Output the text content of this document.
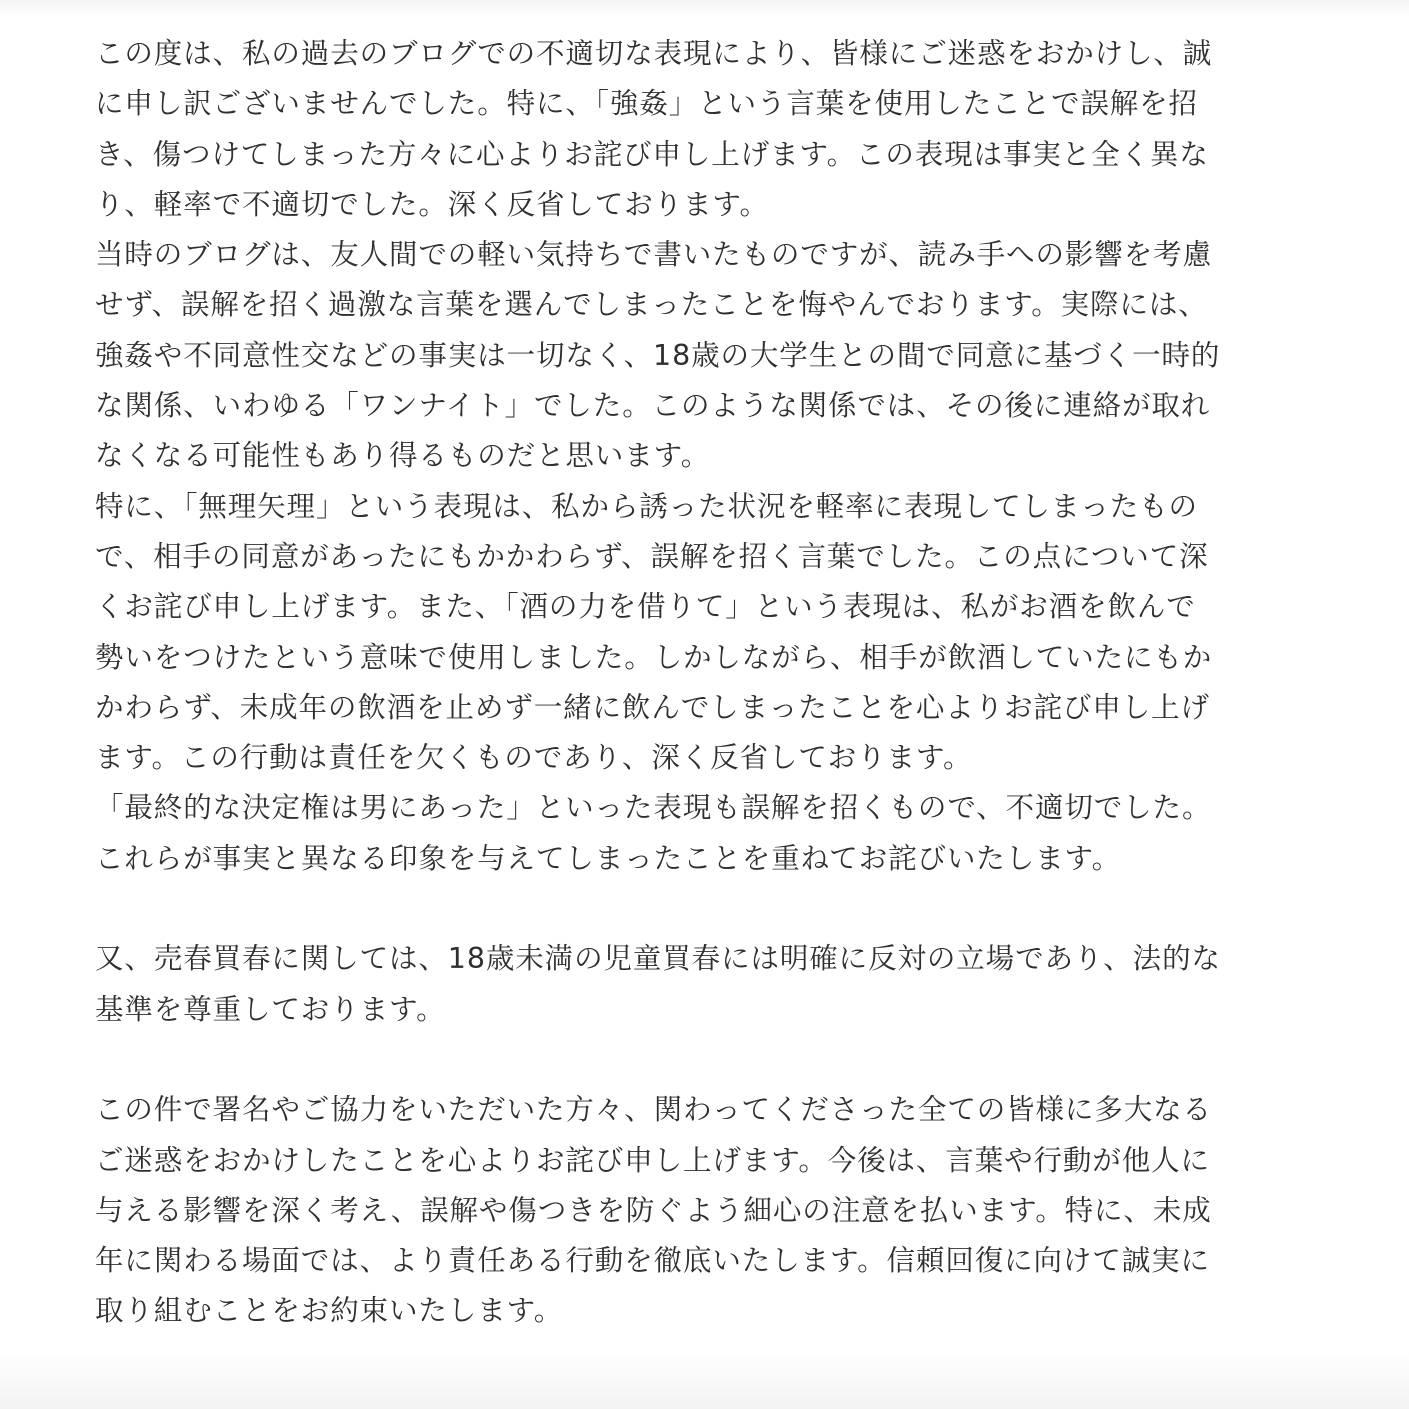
この度は、私の過去のブログでの不適切な表現により、皆様にご迷惑をおかけし、誠
に申し訳ございませんでした。特に、「強姦」という言葉を使用したことで誤解を招
き、傷つけてしまった方々に心よりお詫び申し上げます。この表現は事実と全く異な
り、軽率で不適切でした。深く反省しております。
当時のブログは、友人間での軽い気持ちで書いたものですが、読み手への影響を考慮
せず、誤解を招く過激な言葉を選んでしまったことを悔やんでおります。実際には、
強姦や不同意性交などの事実は一切なく、18歳の大学生との間で同意に基づく一時的
な関係、いわゆる「ワンナイト」でした。このような関係では、その後に連絡が取れ
なくなる可能性もあり得るものだと思います。
特に、「無理矢理」という表現は、私から誘った状況を軽率に表現してしまったもの
で、相手の同意があったにもかかわらず、誤解を招く言葉でした。この点について深
くお詫び申し上げます。また、「酒の力を借りて」という表現は、私がお酒を飲んで
勢いをつけたという意味で使用しました。しかしながら、相手が飲酒していたにもか
かわらず、未成年の飲酒を止めず一緒に飲んでしまったことを心よりお詫び申し上げ
ます。この行動は責任を欠くものであり、深く反省しております。
「最終的な決定権は男にあった」といった表現も誤解を招くもので、不適切でした。
これらが事実と異なる印象を与えてしまったことを重ねてお詫びいたします。
又、売春買春に関しては、18歳未満の児童買春には明確に反対の立場であり、法的な
基準を尊重しております。
この件で署名やご協力をいただいた方々、関わってくださった全ての皆様に多大なる
ご迷惑をおかけしたことを心よりお詫び申し上げます。今後は、言葉や行動が他人に
与える影響を深く考え、誤解や傷つきを防ぐよう細心の注意を払います。特に、未成
年に関わる場面では、より責任ある行動を徹底いたします。信頼回復に向けて誠実に
取り組むことをお約束いたします。
